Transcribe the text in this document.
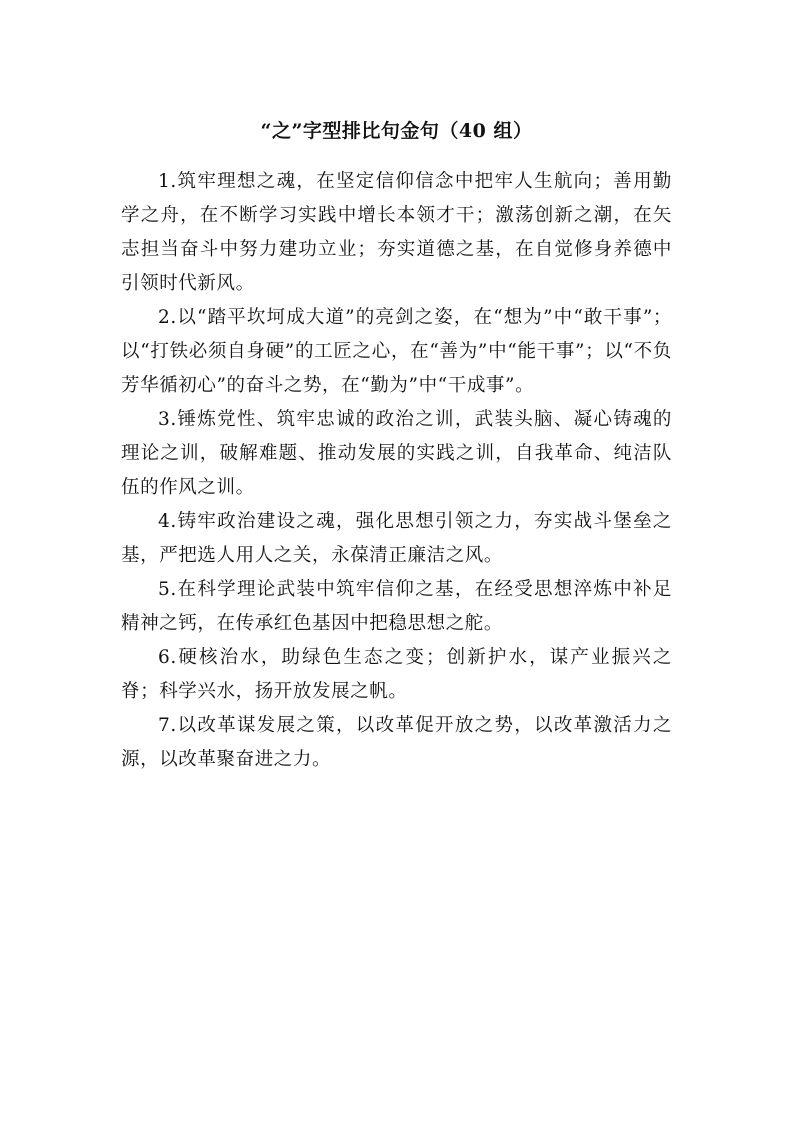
“之”字型排比句金句（40 组）

1.筑牢理想之魂，在坚定信仰信念中把牢人生航向；善用勤学之舟，在不断学习实践中增长本领才干；激荡创新之潮，在矢志担当奋斗中努力建功立业；夯实道德之基，在自觉修身养德中引领时代新风。

2.以“踏平坎坷成大道”的亮剑之姿，在“想为”中“敢干事”；以“打铁必须自身硬”的工匠之心，在“善为”中“能干事”；以“不负芳华循初心”的奋斗之势，在“勤为”中“干成事”。

3.锤炼党性、筑牢忠诚的政治之训，武装头脑、凝心铸魂的理论之训，破解难题、推动发展的实践之训，自我革命、纯洁队伍的作风之训。

4.铸牢政治建设之魂，强化思想引领之力，夯实战斗堡垒之基，严把选人用人之关，永葆清正廉洁之风。

5.在科学理论武装中筑牢信仰之基，在经受思想淬炼中补足精神之钙，在传承红色基因中把稳思想之舵。

6.硬核治水，助绿色生态之变；创新护水，谋产业振兴之脊；科学兴水，扬开放发展之帆。

7.以改革谋发展之策，以改革促开放之势，以改革激活力之源，以改革聚奋进之力。
